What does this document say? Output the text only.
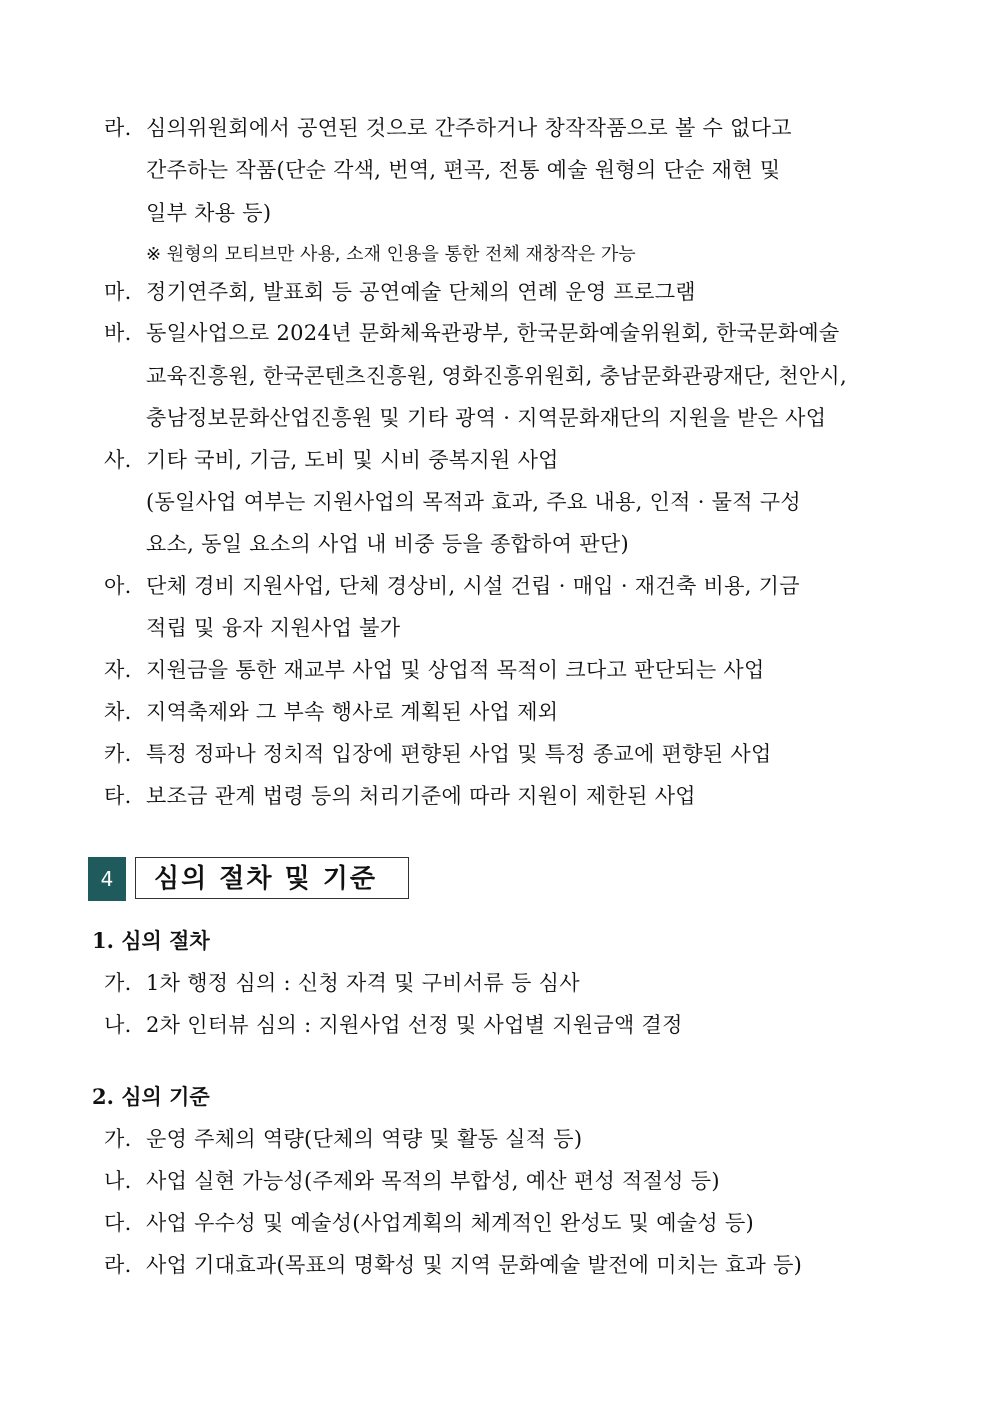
라. 심의위원회에서 공연된 것으로 간주하거나 창작작품으로 볼 수 없다고
간주하는 작품(단순 각색, 번역, 편곡, 전통 예술 원형의 단순 재현 및
일부 차용 등)
※ 원형의 모티브만 사용, 소재 인용을 통한 전체 재창작은 가능
마. 정기연주회, 발표회 등 공연예술 단체의 연례 운영 프로그램
바. 동일사업으로 2024년 문화체육관광부, 한국문화예술위원회, 한국문화예술
교육진흥원, 한국콘텐츠진흥원, 영화진흥위원회, 충남문화관광재단, 천안시,
충남정보문화산업진흥원 및 기타 광역 · 지역문화재단의 지원을 받은 사업
사. 기타 국비, 기금, 도비 및 시비 중복지원 사업
(동일사업 여부는 지원사업의 목적과 효과, 주요 내용, 인적 · 물적 구성
요소, 동일 요소의 사업 내 비중 등을 종합하여 판단)
아. 단체 경비 지원사업, 단체 경상비, 시설 건립 · 매입 · 재건축 비용, 기금
적립 및 융자 지원사업 불가
자. 지원금을 통한 재교부 사업 및 상업적 목적이 크다고 판단되는 사업
차. 지역축제와 그 부속 행사로 계획된 사업 제외
카. 특정 정파나 정치적 입장에 편향된 사업 및 특정 종교에 편향된 사업
타. 보조금 관계 법령 등의 처리기준에 따라 지원이 제한된 사업
4	심의 절차 및 기준
1. 심의 절차
가. 1차 행정 심의 : 신청 자격 및 구비서류 등 심사
나. 2차 인터뷰 심의 : 지원사업 선정 및 사업별 지원금액 결정
2. 심의 기준
가. 운영 주체의 역량(단체의 역량 및 활동 실적 등)
나. 사업 실현 가능성(주제와 목적의 부합성, 예산 편성 적절성 등)
다. 사업 우수성 및 예술성(사업계획의 체계적인 완성도 및 예술성 등)
라. 사업 기대효과(목표의 명확성 및 지역 문화예술 발전에 미치는 효과 등)
